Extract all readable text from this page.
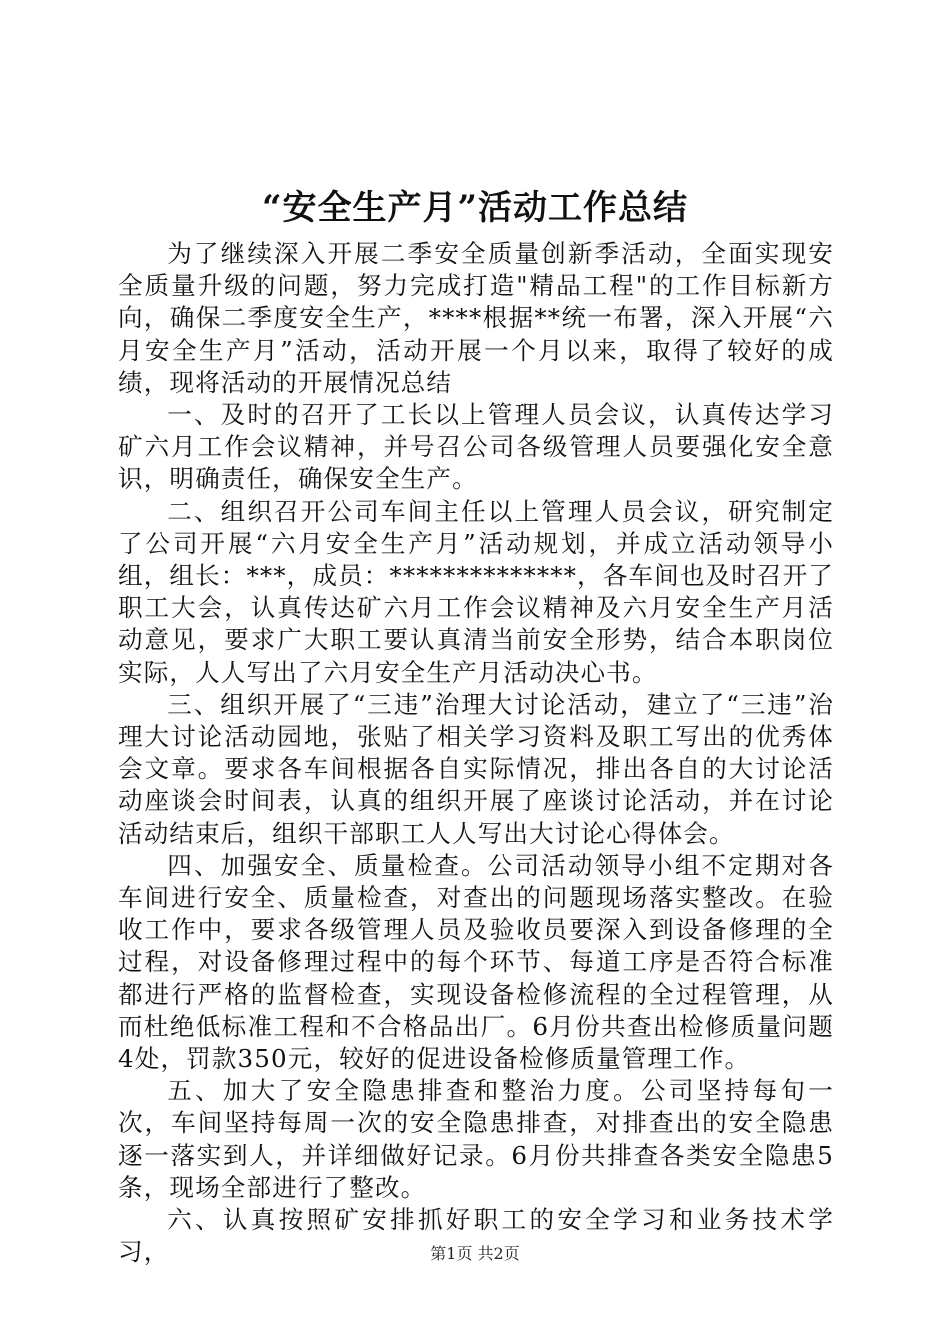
“安全生产月”活动工作总结

为了继续深入开展二季安全质量创新季活动，全面实现安全质量升级的问题，努力完成打造"精品工程"的工作目标新方向，确保二季度安全生产，****根据**统一布署，深入开展“六月安全生产月”活动，活动开展一个月以来，取得了较好的成绩，现将活动的开展情况总结

一、及时的召开了工长以上管理人员会议，认真传达学习矿六月工作会议精神，并号召公司各级管理人员要强化安全意识，明确责任，确保安全生产。

二、组织召开公司车间主任以上管理人员会议，研究制定了公司开展“六月安全生产月”活动规划，并成立活动领导小组，组长：***，成员：**************，各车间也及时召开了职工大会，认真传达矿六月工作会议精神及六月安全生产月活动意见，要求广大职工要认真清当前安全形势，结合本职岗位实际，人人写出了六月安全生产月活动决心书。

三、组织开展了“三违”治理大讨论活动，建立了“三违”治理大讨论活动园地，张贴了相关学习资料及职工写出的优秀体会文章。要求各车间根据各自实际情况，排出各自的大讨论活动座谈会时间表，认真的组织开展了座谈讨论活动，并在讨论活动结束后，组织干部职工人人写出大讨论心得体会。

四、加强安全、质量检查。公司活动领导小组不定期对各车间进行安全、质量检查，对查出的问题现场落实整改。在验收工作中，要求各级管理人员及验收员要深入到设备修理的全过程，对设备修理过程中的每个环节、每道工序是否符合标准都进行严格的监督检查，实现设备检修流程的全过程管理，从而杜绝低标准工程和不合格品出厂。6月份共查出检修质量问题4处，罚款350元，较好的促进设备检修质量管理工作。

五、加大了安全隐患排查和整治力度。公司坚持每旬一次，车间坚持每周一次的安全隐患排查，对排查出的安全隐患逐一落实到人，并详细做好记录。6月份共排查各类安全隐患5条，现场全部进行了整改。

六、认真按照矿安排抓好职工的安全学习和业务技术学习，	第1页 共2页
